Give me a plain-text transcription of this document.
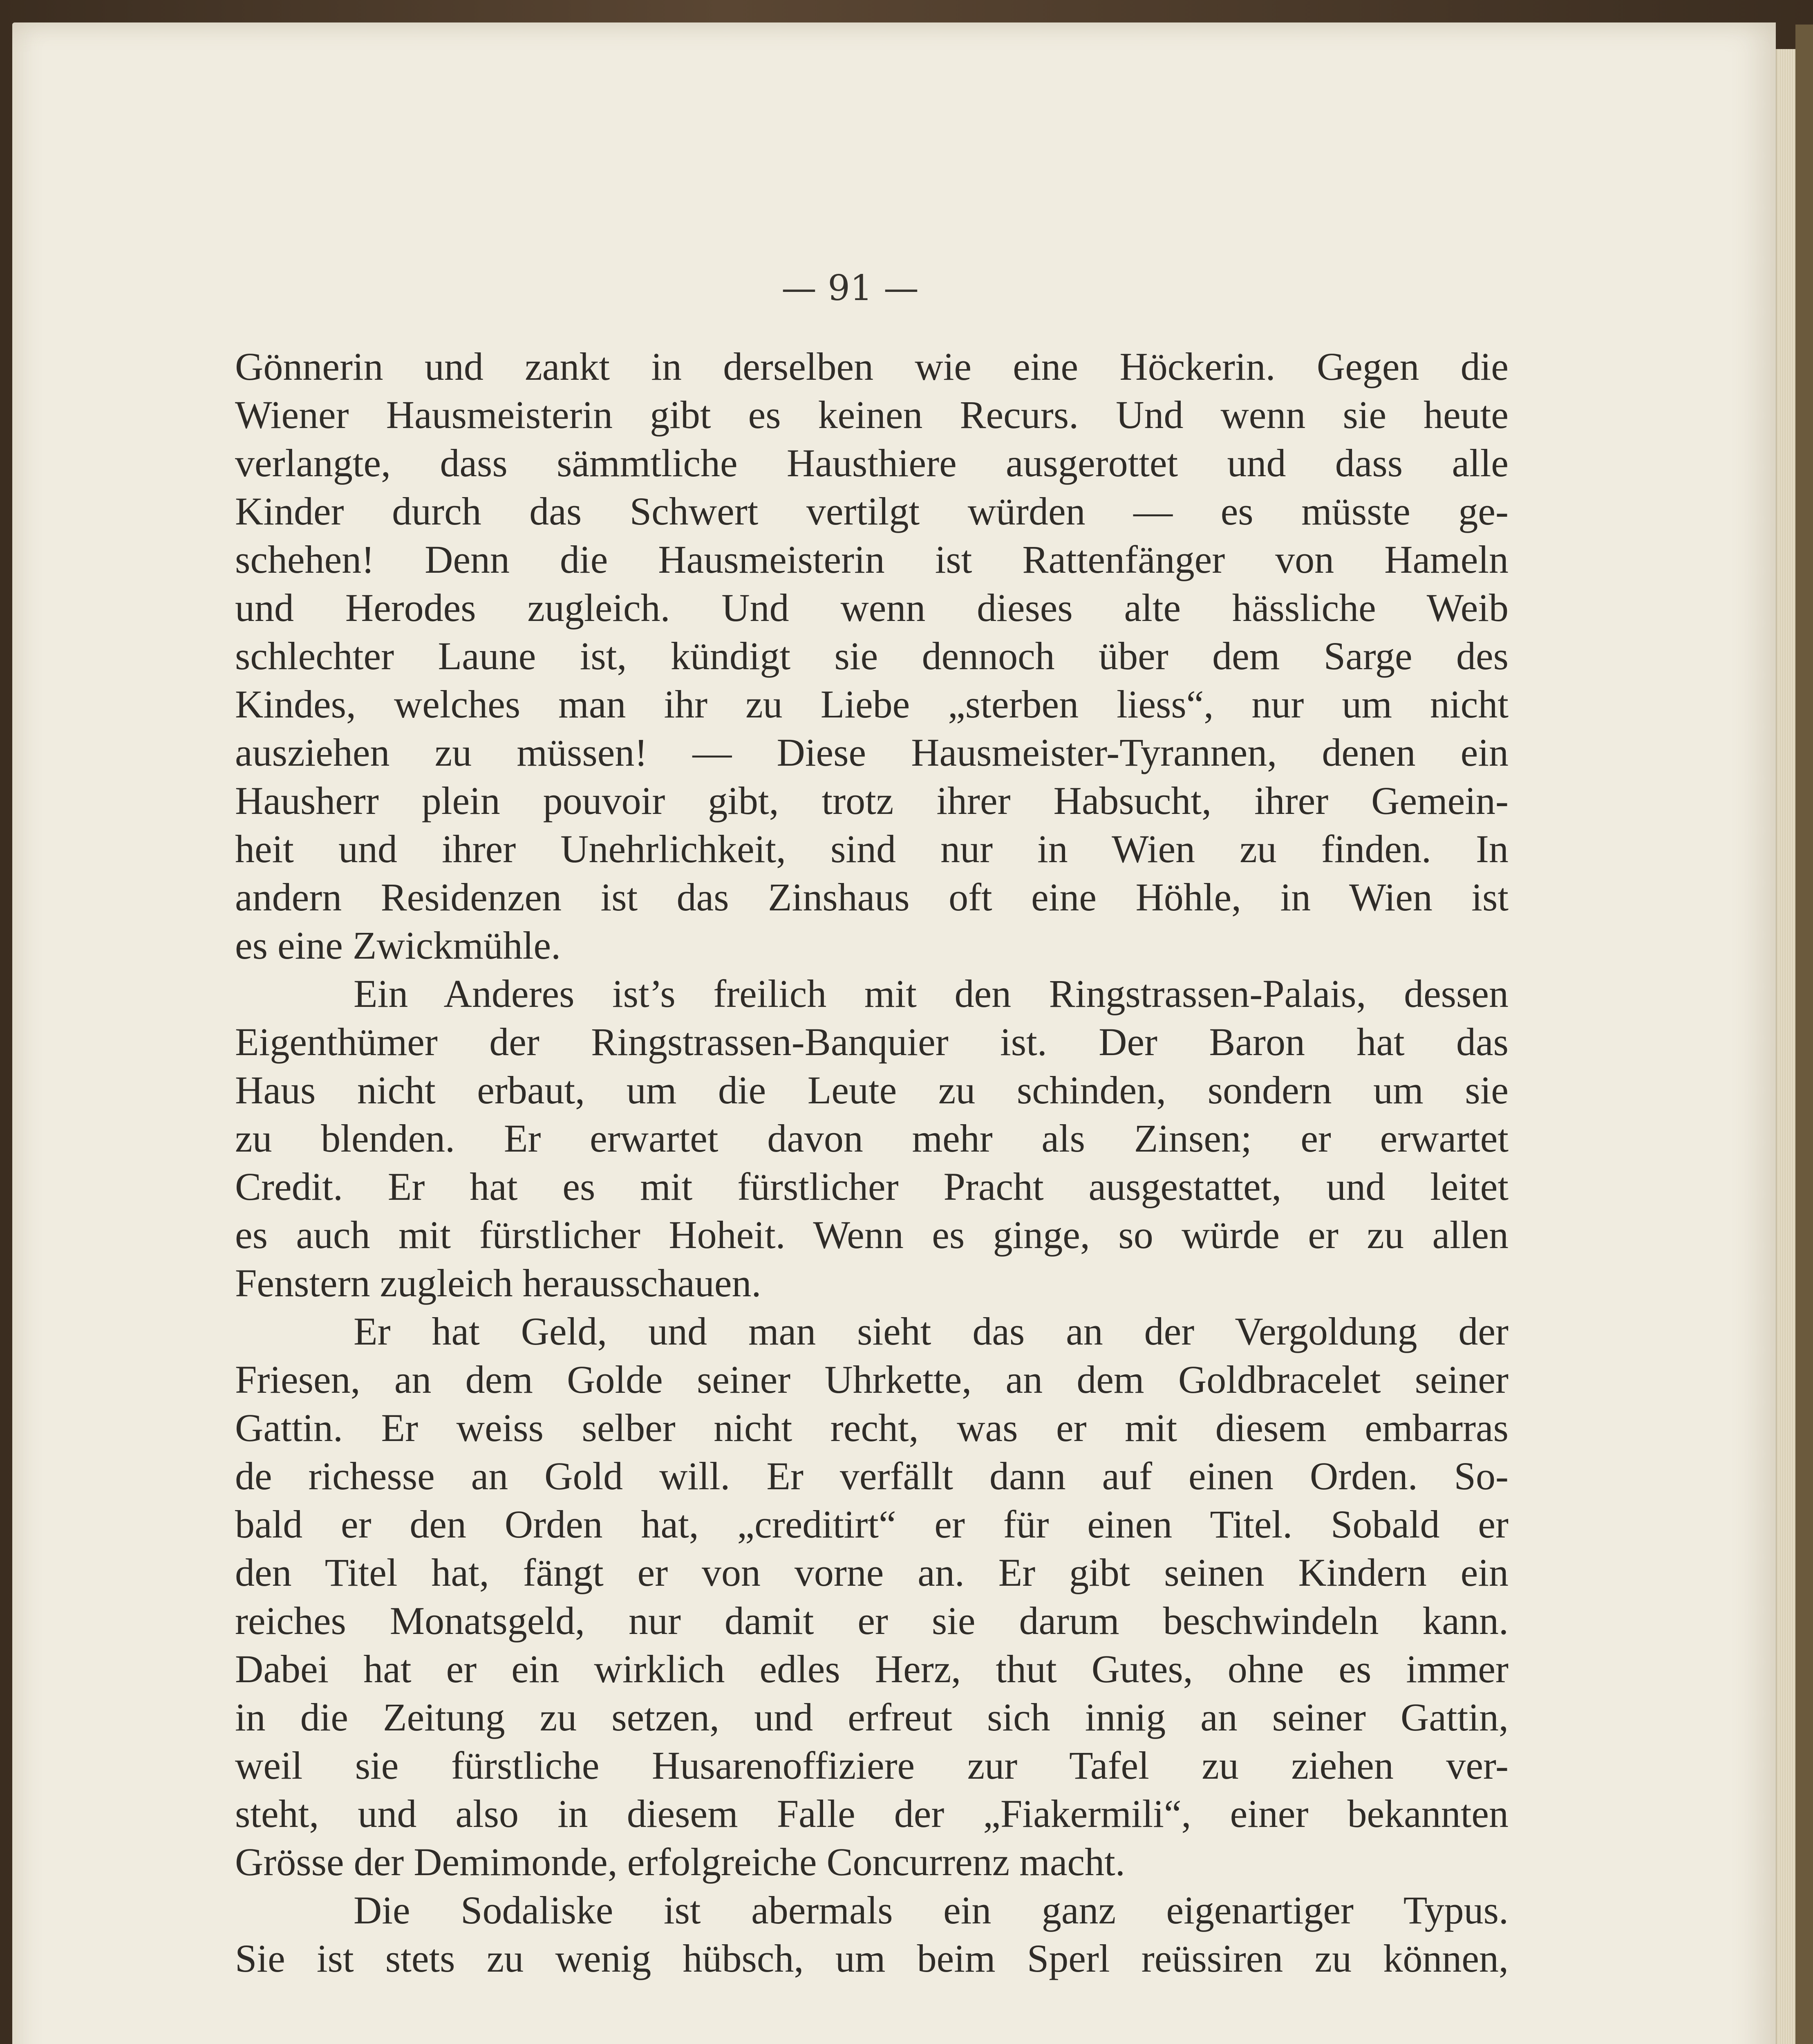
— 91 —

Gönnerin und zankt in derselben wie eine Höckerin. Gegen die
Wiener Hausmeisterin gibt es keinen Recurs. Und wenn sie heute
verlangte, dass sämmtliche Hausthiere ausgerottet und dass alle
Kinder durch das Schwert vertilgt würden — es müsste ge-
schehen! Denn die Hausmeisterin ist Rattenfänger von Hameln
und Herodes zugleich. Und wenn dieses alte hässliche Weib
schlechter Laune ist, kündigt sie dennoch über dem Sarge des
Kindes, welches man ihr zu Liebe „sterben liess“, nur um nicht
ausziehen zu müssen! — Diese Hausmeister-Tyrannen, denen ein
Hausherr plein pouvoir gibt, trotz ihrer Habsucht, ihrer Gemein-
heit und ihrer Unehrlichkeit, sind nur in Wien zu finden. In
andern Residenzen ist das Zinshaus oft eine Höhle, in Wien ist
es eine Zwickmühle.
Ein Anderes ist’s freilich mit den Ringstrassen-Palais, dessen
Eigenthümer der Ringstrassen-Banquier ist. Der Baron hat das
Haus nicht erbaut, um die Leute zu schinden, sondern um sie
zu blenden. Er erwartet davon mehr als Zinsen; er erwartet
Credit. Er hat es mit fürstlicher Pracht ausgestattet, und leitet
es auch mit fürstlicher Hoheit. Wenn es ginge, so würde er zu allen
Fenstern zugleich herausschauen.
Er hat Geld, und man sieht das an der Vergoldung der
Friesen, an dem Golde seiner Uhrkette, an dem Goldbracelet seiner
Gattin. Er weiss selber nicht recht, was er mit diesem embarras
de richesse an Gold will. Er verfällt dann auf einen Orden. So-
bald er den Orden hat, „creditirt“ er für einen Titel. Sobald er
den Titel hat, fängt er von vorne an. Er gibt seinen Kindern ein
reiches Monatsgeld, nur damit er sie darum beschwindeln kann.
Dabei hat er ein wirklich edles Herz, thut Gutes, ohne es immer
in die Zeitung zu setzen, und erfreut sich innig an seiner Gattin,
weil sie fürstliche Husarenoffiziere zur Tafel zu ziehen ver-
steht, und also in diesem Falle der „Fiakermili“, einer bekannten
Grösse der Demimonde, erfolgreiche Concurrenz macht.
Die Sodaliske ist abermals ein ganz eigenartiger Typus.
Sie ist stets zu wenig hübsch, um beim Sperl reüssiren zu können,
